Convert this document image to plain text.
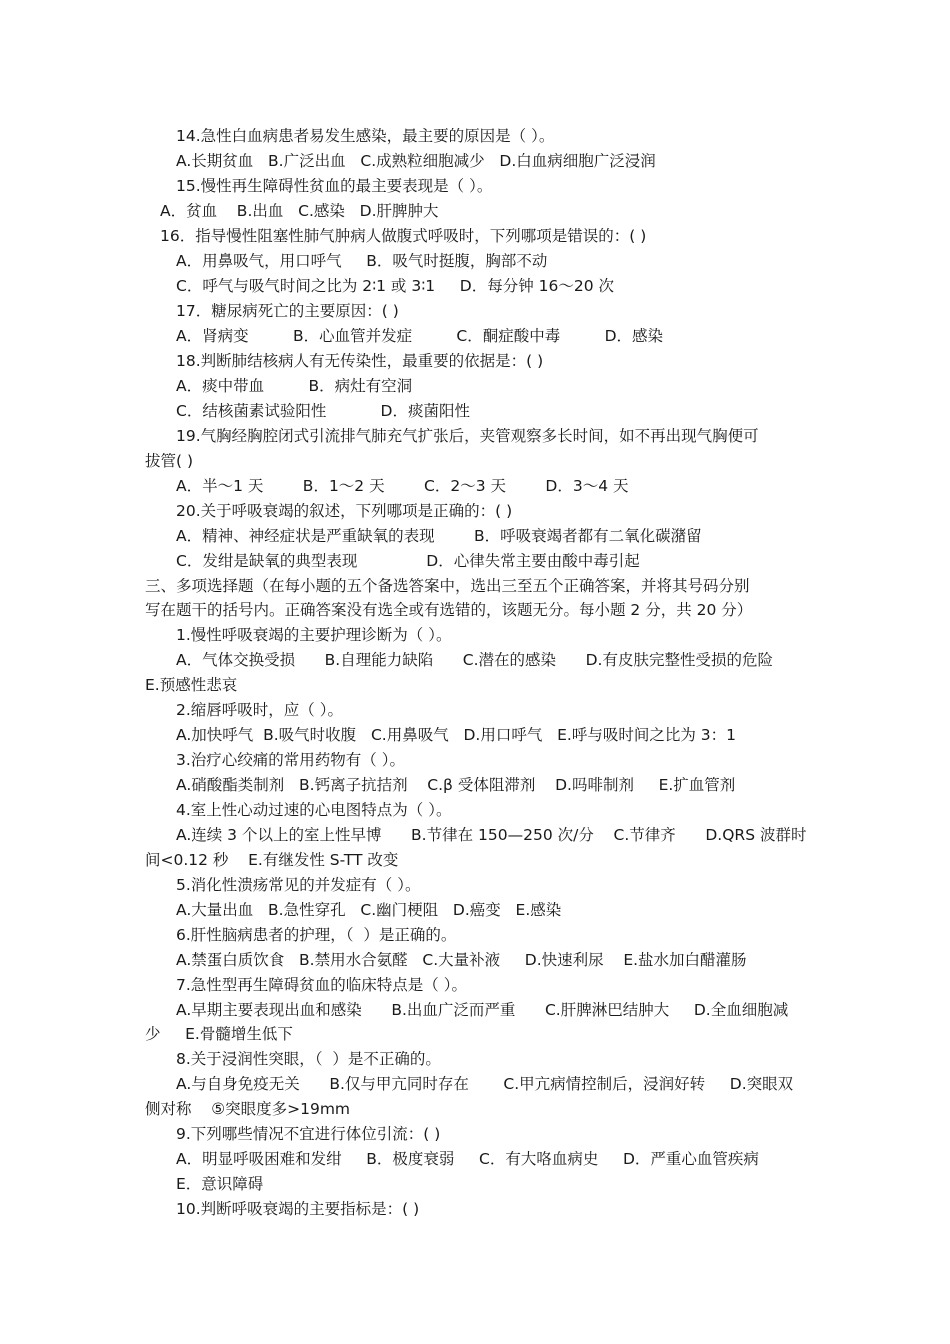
14.急性白血病患者易发生感染，最主要的原因是（ ）。
A.长期贫血   B.广泛出血   C.成熟粒细胞减少   D.白血病细胞广泛浸润
15.慢性再生障碍性贫血的最主要表现是（ ）。
A．贫血    B.出血   C.感染   D.肝脾肿大
16．指导慢性阻塞性肺气肿病人做腹式呼吸时，下列哪项是错误的：( )
A．用鼻吸气，用口呼气     B．吸气时挺腹，胸部不动
C．呼气与吸气时间之比为 2∶1 或 3∶1     D．每分钟 16～20 次
17．糖尿病死亡的主要原因：( )
A．肾病变         B．心血管并发症         C．酮症酸中毒         D．感染
18.判断肺结核病人有无传染性，最重要的依据是：( )
A．痰中带血         B．病灶有空洞
C．结核菌素试验阳性           D．痰菌阳性
19.气胸经胸腔闭式引流排气肺充气扩张后，夹管观察多长时间，如不再出现气胸便可
拔管( )
A．半～1 天        B．1～2 天        C．2～3 天        D．3～4 天
20.关于呼吸衰竭的叙述，下列哪项是正确的：( )
A．精神、神经症状是严重缺氧的表现        B．呼吸衰竭者都有二氧化碳潴留
C．发绀是缺氧的典型表现              D．心律失常主要由酸中毒引起
三、多项选择题（在每小题的五个备选答案中，选出三至五个正确答案，并将其号码分别
写在题干的括号内。正确答案没有选全或有选错的，该题无分。每小题 2 分，共 20 分）
1.慢性呼吸衰竭的主要护理诊断为（ ）。
A．气体交换受损      B.自理能力缺陷      C.潜在的感染      D.有皮肤完整性受损的危险
E.预感性悲哀
2.缩唇呼吸时，应（ ）。
A.加快呼气  B.吸气时收腹   C.用鼻吸气   D.用口呼气   E.呼与吸时间之比为 3：1
3.治疗心绞痛的常用药物有（ ）。
A.硝酸酯类制剂   B.钙离子抗拮剂    C.β 受体阻滞剂    D.吗啡制剂     E.扩血管剂
4.室上性心动过速的心电图特点为（ ）。
A.连续 3 个以上的室上性早博      B.节律在 150—250 次/分    C.节律齐      D.QRS 波群时
间<0.12 秒    E.有继发性 S-TT 改变
5.消化性溃疡常见的并发症有（ ）。
A.大量出血   B.急性穿孔   C.幽门梗阻   D.癌变   E.感染
6.肝性脑病患者的护理，（  ）是正确的。
A.禁蛋白质饮食   B.禁用水合氨醛   C.大量补液     D.快速利尿    E.盐水加白醋灌肠
7.急性型再生障碍贫血的临床特点是（ ）。
A.早期主要表现出血和感染      B.出血广泛而严重      C.肝脾淋巴结肿大     D.全血细胞减
少     E.骨髓增生低下
8.关于浸润性突眼，（  ）是不正确的。
A.与自身免疫无关      B.仅与甲亢同时存在       C.甲亢病情控制后，浸润好转     D.突眼双
侧对称    ⑤突眼度多>19mm
9.下列哪些情况不宜进行体位引流：( )
A．明显呼吸困难和发绀     B．极度衰弱     C．有大咯血病史     D．严重心血管疾病
E．意识障碍
10.判断呼吸衰竭的主要指标是：( )
